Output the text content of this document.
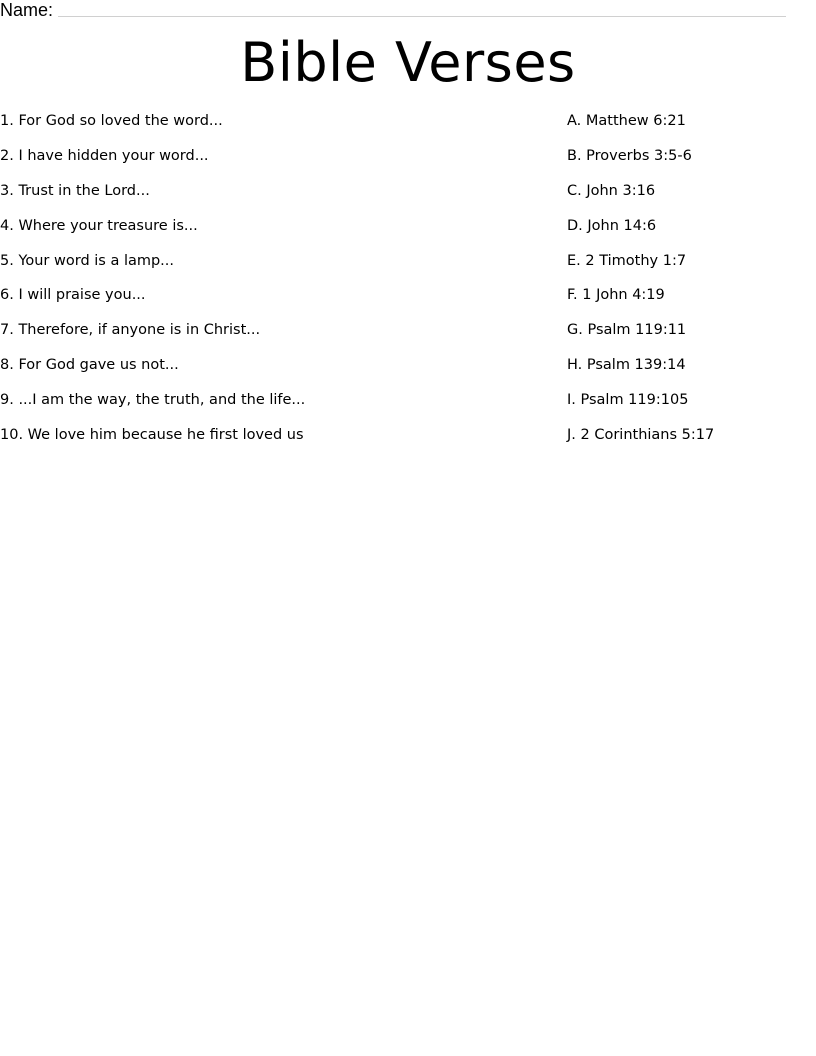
Name:
Bible Verses
1. For God so loved the word...
2. I have hidden your word...
3. Trust in the Lord...
4. Where your treasure is...
5. Your word is a lamp...
6. I will praise you...
7. Therefore, if anyone is in Christ...
8. For God gave us not...
9. ...I am the way, the truth, and the life...
10. We love him because he first loved us
A. Matthew 6:21
B. Proverbs 3:5-6
C. John 3:16
D. John 14:6
E. 2 Timothy 1:7
F. 1 John 4:19
G. Psalm 119:11
H. Psalm 139:14
I. Psalm 119:105
J. 2 Corinthians 5:17
